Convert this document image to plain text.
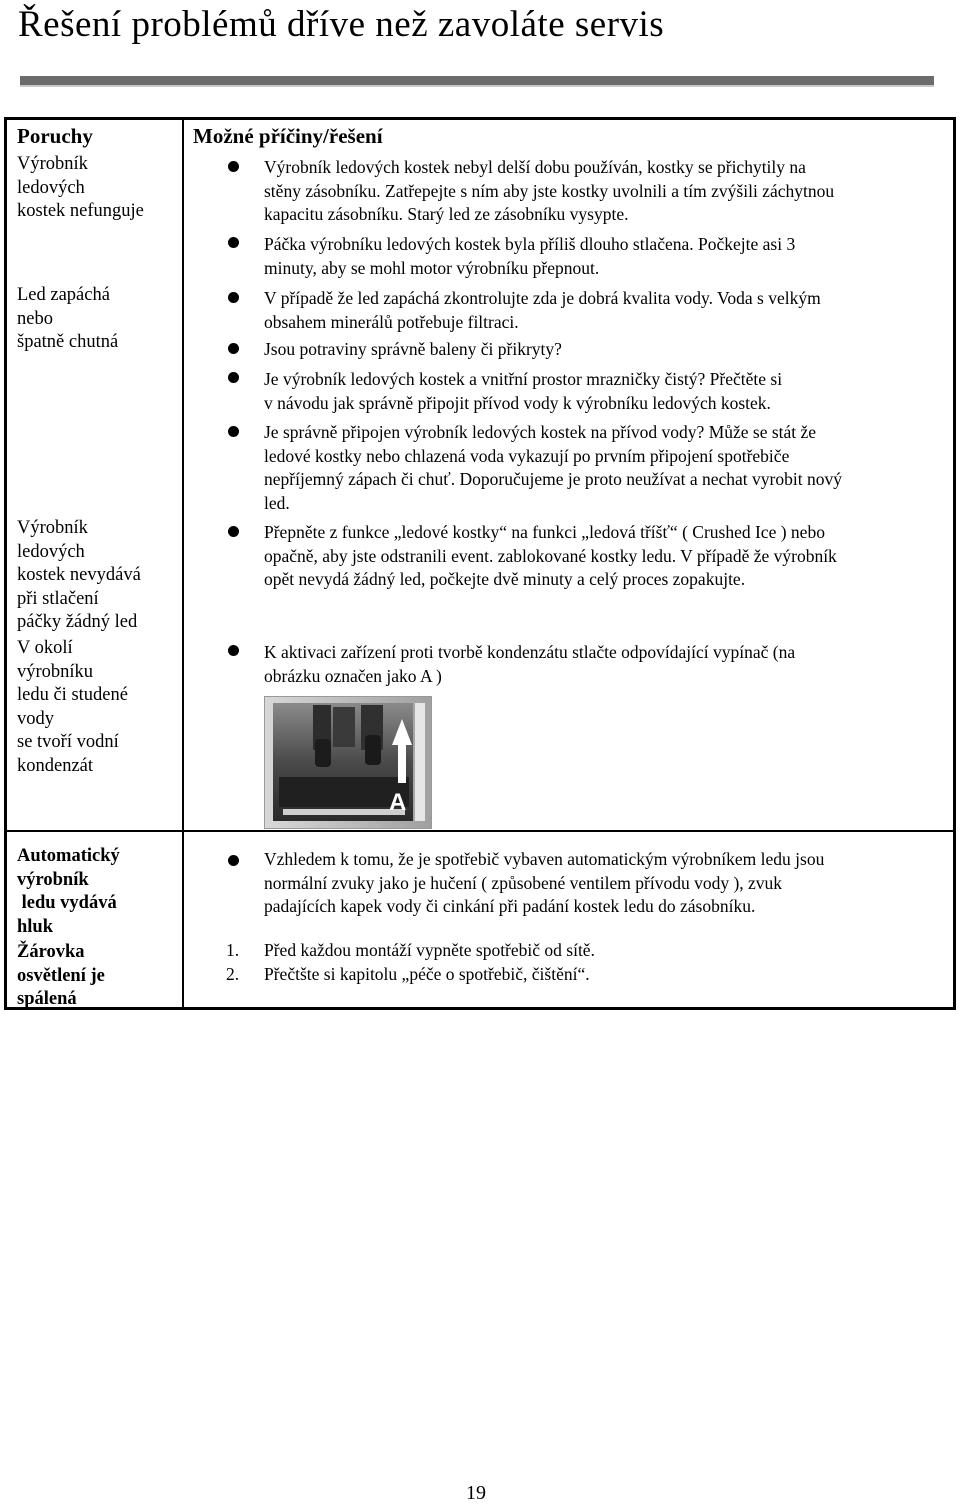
Řešení problémů dříve než zavoláte servis
Poruchy	Možné příčiny/řešení
Výrobník
ledových
kostek nefunguje
Led zapáchá
nebo
špatně chutná
Výrobník
ledových
kostek nevydává
při stlačení
páčky žádný led
V okolí
výrobníku
ledu či studené
vody
se tvoří vodní
kondenzát
Automatický
výrobník
ledu vydává
hluk
Žárovka
osvětlení je
spálená
Výrobník ledových kostek nebyl delší dobu používán, kostky se přichytily na
stěny zásobníku. Zatřepejte s ním aby jste kostky uvolnili a tím zvýšili záchytnou
kapacitu zásobníku. Starý led ze zásobníku vysypte.
Páčka výrobníku ledových kostek byla příliš dlouho stlačena. Počkejte asi 3
minuty, aby se mohl motor výrobníku přepnout.
V případě že led zapáchá zkontrolujte zda je dobrá kvalita vody. Voda s velkým
obsahem minerálů potřebuje filtraci.
Jsou potraviny správně baleny či přikryty?
Je výrobník ledových kostek a vnitřní prostor mrazničky čistý? Přečtěte si
v návodu jak správně připojit přívod vody k výrobníku ledových kostek.
Je správně připojen výrobník ledových kostek na přívod vody? Může se stát že
ledové kostky nebo chlazená voda vykazují po prvním připojení spotřebiče
nepříjemný zápach či chuť. Doporučujeme je proto neužívat a nechat vyrobit nový
led.
Přepněte z funkce „ledové kostky“ na funkci „ledová tříšť“ ( Crushed Ice ) nebo
opačně, aby jste odstranili event. zablokované kostky ledu. V případě že výrobník
opět nevydá žádný led, počkejte dvě minuty a celý proces zopakujte.
K aktivaci zařízení proti tvorbě kondenzátu stlačte odpovídající vypínač (na
obrázku označen jako A )
A
Vzhledem k tomu, že je spotřebič vybaven automatickým výrobníkem ledu jsou
normální zvuky jako je hučení ( způsobené ventilem přívodu vody ), zvuk
padajících kapek vody či cinkání při padání kostek ledu do zásobníku.
1. Před každou montáží vypněte spotřebič od sítě.
2. Přečtšte si kapitolu „péče o spotřebič, čištění“.
19
